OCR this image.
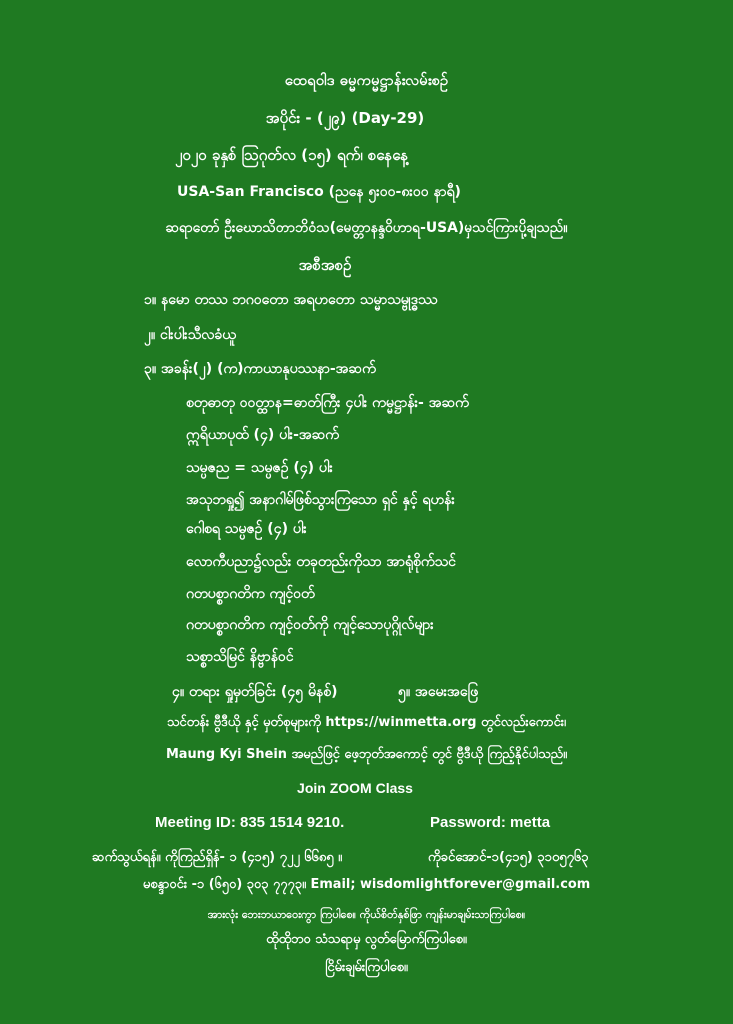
ထေရဝါဒ ဓမ္မကမ္မဋ္ဌာန်းလမ်းစဉ်
အပိုင်း - (၂၉) (Day-29)
၂၀၂၀ ခုနှစ် ဩဂုတ်လ (၁၅) ရက်၊ စနေနေ့
USA-San Francisco (ညနေ ၅း၀၀-၈း၀၀ နာရီ)
ဆရာတော် ဦးဃောသိတာဘိဝံသ(မေတ္တာနန္ဒဝိဟာရ-USA)မှသင်ကြားပို့ချသည်။
အစီအစဉ်
၁။ နမော တဿ ဘဂဝတော အရဟတော သမ္မာသမ္ဗုဒ္ဓဿ
၂။ ငါးပါးသီလခံယူ
၃။ အခန်း(၂) (က)ကာယာနုပဿနာ-အဆက်
စတုဓာတု ဝဝတ္ထာန=ဓာတ်ကြီး ၄ပါး ကမ္မဋ္ဌာန်း- အဆက်
ဣရိယာပုထ် (၄) ပါး-အဆက်
သမ္ပဇည = သမ္ပဇဉ် (၄) ပါး
အသုဘရှု၍ အနာဂါမ်ဖြစ်သွားကြသော ရှင် နှင့် ရဟန်း
ဂေါစရ သမ္ပဇဉ် (၄) ပါး
လောကီပညာ၌လည်း တခုတည်းကိုသာ အာရုံစိုက်သင်
ဂတပစ္စာဂတိက ကျင့်ဝတ်
ဂတပစ္စာဂတိက ကျင့်ဝတ်ကို ကျင့်သောပုဂ္ဂိုလ်များ
သစ္စာသိမြင် နိဗ္ဗာန်ဝင်
၄။ တရား ရှုမှတ်ခြင်း (၄၅ မိနစ်)	၅။ အမေးအဖြေ
သင်တန်း ဗွီဒီယို နှင့် မှတ်စုများကို https://winmetta.org တွင်လည်းကောင်း၊
Maung Kyi Shein အမည်ဖြင့် ဖေ့ဘုတ်အကောင့် တွင် ဗွီဒီယို ကြည့်နိုင်ပါသည်။
Join ZOOM Class
Meeting ID: 835 1514 9210.	Password: metta
ဆက်သွယ်ရန်။ ကိုကြည်ရှိန်- ၁ (၄၁၅) ၇၂၂ ၆၆၈၅ ။	ကိုခင်အောင်-၁(၄၁၅) ၃၁၀၅၇၆၃
မစန္ဒာဝင်း -၁ (၆၅၀) ၃၀၃ ၇၇၇၃။ Email; wisdomlightforever@gmail.com
အားလုံး ဘေးဘယာဝေးကွာ ကြပါစေ။ ကိုယ်စိတ်နှစ်ဖြာ ကျန်းမာချမ်းသာကြပါစေ။
ထိုထိုဘ၀ သံသရာမှ လွတ်မြောက်ကြပါစေ။
ငြိမ်းချမ်းကြပါစေ။
